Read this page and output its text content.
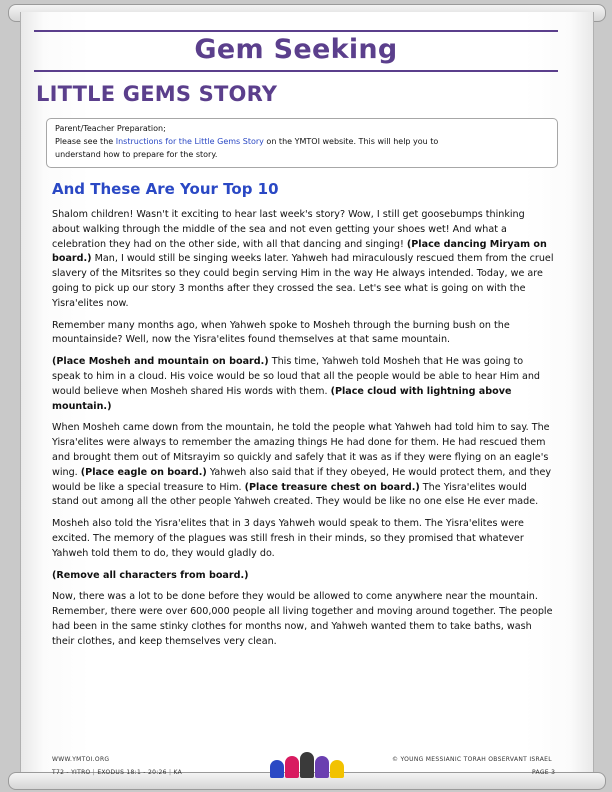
Gem Seeking
LITTLE GEMS STORY
Parent/Teacher Preparation;
Please see the Instructions for the Little Gems Story on the YMTOI website. This will help you to
understand how to prepare for the story.
And These Are Your Top 10

Shalom children! Wasn't it exciting to hear last week's story? Wow, I still get goosebumps thinking about walking through the middle of the sea and not even getting your shoes wet! And what a celebration they had on the other side, with all that dancing and singing! (Place dancing Miryam on board.) Man, I would still be singing weeks later. Yahweh had miraculously rescued them from the cruel slavery of the Mitsrites so they could begin serving Him in the way He always intended. Today, we are going to pick up our story 3 months after they crossed the sea. Let's see what is going on with the Yisra'elites now.

Remember many months ago, when Yahweh spoke to Mosheh through the burning bush on the mountainside? Well, now the Yisra'elites found themselves at that same mountain.

(Place Mosheh and mountain on board.) This time, Yahweh told Mosheh that He was going to speak to him in a cloud. His voice would be so loud that all the people would be able to hear Him and would believe when Mosheh shared His words with them. (Place cloud with lightning above mountain.)

When Mosheh came down from the mountain, he told the people what Yahweh had told him to say. The Yisra'elites were always to remember the amazing things He had done for them. He had rescued them and brought them out of Mitsrayim so quickly and safely that it was as if they were flying on an eagle's wing. (Place eagle on board.) Yahweh also said that if they obeyed, He would protect them, and they would be like a special treasure to Him. (Place treasure chest on board.) The Yisra'elites would stand out among all the other people Yahweh created. They would be like no one else He ever made.

Mosheh also told the Yisra'elites that in 3 days Yahweh would speak to them. The Yisra'elites were excited. The memory of the plagues was still fresh in their minds, so they promised that whatever Yahweh told them to do, they would gladly do.

(Remove all characters from board.)

Now, there was a lot to be done before they would be allowed to come anywhere near the mountain. Remember, there were over 600,000 people all living together and moving around together. The people had been in the same stinky clothes for months now, and Yahweh wanted them to take baths, wash their clothes, and keep themselves very clean.

WWW.YMTOI.ORG
T72 - YITRO | EXODUS 18:1 - 20:26 | KA
© YOUNG MESSIANIC TORAH OBSERVANT ISRAEL
PAGE 3
